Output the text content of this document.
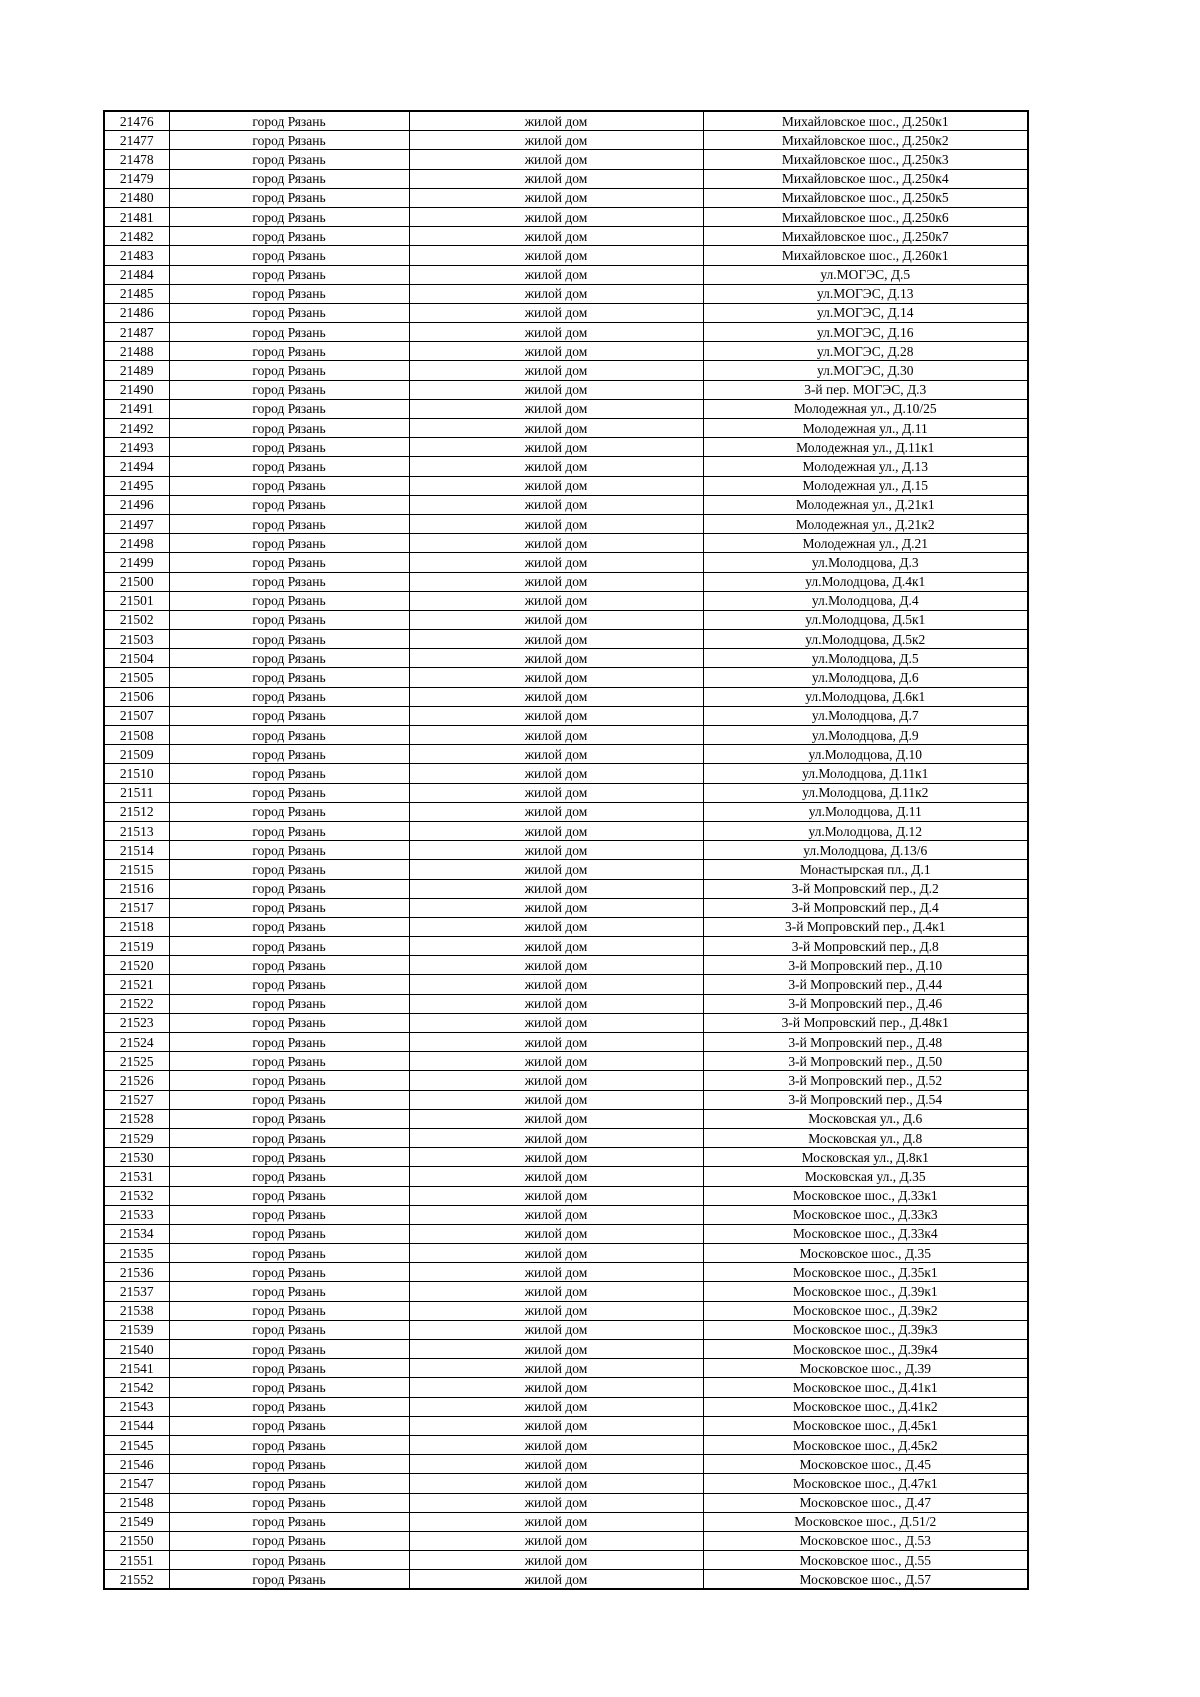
21476	город Рязань	жилой дом	Михайловское шос., Д.250к1
21477	город Рязань	жилой дом	Михайловское шос., Д.250к2
21478	город Рязань	жилой дом	Михайловское шос., Д.250к3
21479	город Рязань	жилой дом	Михайловское шос., Д.250к4
21480	город Рязань	жилой дом	Михайловское шос., Д.250к5
21481	город Рязань	жилой дом	Михайловское шос., Д.250к6
21482	город Рязань	жилой дом	Михайловское шос., Д.250к7
21483	город Рязань	жилой дом	Михайловское шос., Д.260к1
21484	город Рязань	жилой дом	ул.МОГЭС, Д.5
21485	город Рязань	жилой дом	ул.МОГЭС, Д.13
21486	город Рязань	жилой дом	ул.МОГЭС, Д.14
21487	город Рязань	жилой дом	ул.МОГЭС, Д.16
21488	город Рязань	жилой дом	ул.МОГЭС, Д.28
21489	город Рязань	жилой дом	ул.МОГЭС, Д.30
21490	город Рязань	жилой дом	3-й пер. МОГЭС, Д.3
21491	город Рязань	жилой дом	Молодежная ул., Д.10/25
21492	город Рязань	жилой дом	Молодежная ул., Д.11
21493	город Рязань	жилой дом	Молодежная ул., Д.11к1
21494	город Рязань	жилой дом	Молодежная ул., Д.13
21495	город Рязань	жилой дом	Молодежная ул., Д.15
21496	город Рязань	жилой дом	Молодежная ул., Д.21к1
21497	город Рязань	жилой дом	Молодежная ул., Д.21к2
21498	город Рязань	жилой дом	Молодежная ул., Д.21
21499	город Рязань	жилой дом	ул.Молодцова, Д.3
21500	город Рязань	жилой дом	ул.Молодцова, Д.4к1
21501	город Рязань	жилой дом	ул.Молодцова, Д.4
21502	город Рязань	жилой дом	ул.Молодцова, Д.5к1
21503	город Рязань	жилой дом	ул.Молодцова, Д.5к2
21504	город Рязань	жилой дом	ул.Молодцова, Д.5
21505	город Рязань	жилой дом	ул.Молодцова, Д.6
21506	город Рязань	жилой дом	ул.Молодцова, Д.6к1
21507	город Рязань	жилой дом	ул.Молодцова, Д.7
21508	город Рязань	жилой дом	ул.Молодцова, Д.9
21509	город Рязань	жилой дом	ул.Молодцова, Д.10
21510	город Рязань	жилой дом	ул.Молодцова, Д.11к1
21511	город Рязань	жилой дом	ул.Молодцова, Д.11к2
21512	город Рязань	жилой дом	ул.Молодцова, Д.11
21513	город Рязань	жилой дом	ул.Молодцова, Д.12
21514	город Рязань	жилой дом	ул.Молодцова, Д.13/6
21515	город Рязань	жилой дом	Монастырская пл., Д.1
21516	город Рязань	жилой дом	3-й Мопровский пер., Д.2
21517	город Рязань	жилой дом	3-й Мопровский пер., Д.4
21518	город Рязань	жилой дом	3-й Мопровский пер., Д.4к1
21519	город Рязань	жилой дом	3-й Мопровский пер., Д.8
21520	город Рязань	жилой дом	3-й Мопровский пер., Д.10
21521	город Рязань	жилой дом	3-й Мопровский пер., Д.44
21522	город Рязань	жилой дом	3-й Мопровский пер., Д.46
21523	город Рязань	жилой дом	3-й Мопровский пер., Д.48к1
21524	город Рязань	жилой дом	3-й Мопровский пер., Д.48
21525	город Рязань	жилой дом	3-й Мопровский пер., Д.50
21526	город Рязань	жилой дом	3-й Мопровский пер., Д.52
21527	город Рязань	жилой дом	3-й Мопровский пер., Д.54
21528	город Рязань	жилой дом	Московская ул., Д.6
21529	город Рязань	жилой дом	Московская ул., Д.8
21530	город Рязань	жилой дом	Московская ул., Д.8к1
21531	город Рязань	жилой дом	Московская ул., Д.35
21532	город Рязань	жилой дом	Московское шос., Д.33к1
21533	город Рязань	жилой дом	Московское шос., Д.33к3
21534	город Рязань	жилой дом	Московское шос., Д.33к4
21535	город Рязань	жилой дом	Московское шос., Д.35
21536	город Рязань	жилой дом	Московское шос., Д.35к1
21537	город Рязань	жилой дом	Московское шос., Д.39к1
21538	город Рязань	жилой дом	Московское шос., Д.39к2
21539	город Рязань	жилой дом	Московское шос., Д.39к3
21540	город Рязань	жилой дом	Московское шос., Д.39к4
21541	город Рязань	жилой дом	Московское шос., Д.39
21542	город Рязань	жилой дом	Московское шос., Д.41к1
21543	город Рязань	жилой дом	Московское шос., Д.41к2
21544	город Рязань	жилой дом	Московское шос., Д.45к1
21545	город Рязань	жилой дом	Московское шос., Д.45к2
21546	город Рязань	жилой дом	Московское шос., Д.45
21547	город Рязань	жилой дом	Московское шос., Д.47к1
21548	город Рязань	жилой дом	Московское шос., Д.47
21549	город Рязань	жилой дом	Московское шос., Д.51/2
21550	город Рязань	жилой дом	Московское шос., Д.53
21551	город Рязань	жилой дом	Московское шос., Д.55
21552	город Рязань	жилой дом	Московское шос., Д.57
